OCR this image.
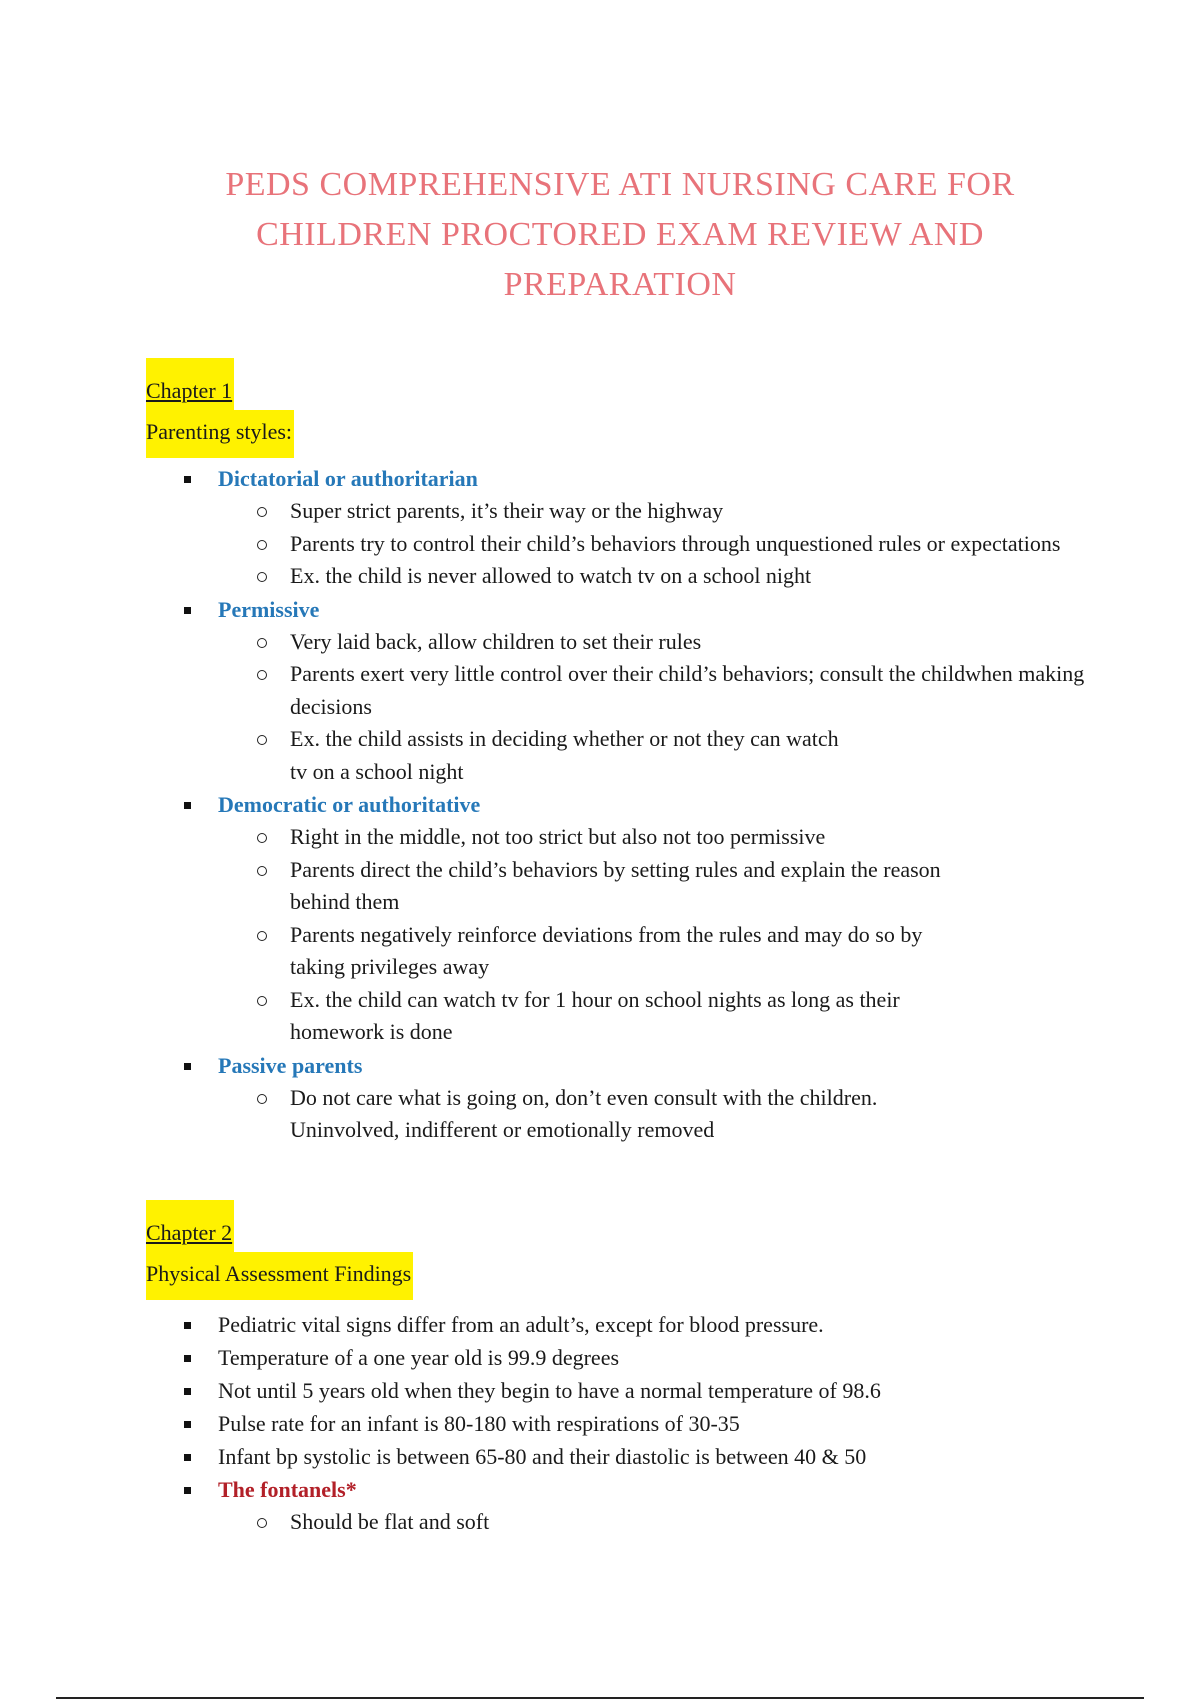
PEDS COMPREHENSIVE ATI NURSING CARE FOR
CHILDREN PROCTORED EXAM REVIEW AND
PREPARATION
Chapter 1
Parenting styles:
Dictatorial or authoritarian
Super strict parents, it’s their way or the highway
Parents try to control their child’s behaviors through unquestioned rules or expectations
Ex. the child is never allowed to watch tv on a school night
Permissive
Very laid back, allow children to set their rules
Parents exert very little control over their child’s behaviors; consult the childwhen making decisions
Ex. the child assists in deciding whether or not they can watch tv on a school night
Democratic or authoritative
Right in the middle, not too strict but also not too permissive
Parents direct the child’s behaviors by setting rules and explain the reason behind them
Parents negatively reinforce deviations from the rules and may do so by taking privileges away
Ex. the child can watch tv for 1 hour on school nights as long as their homework is done
Passive parents
Do not care what is going on, don’t even consult with the children. Uninvolved, indifferent or emotionally removed
Chapter 2
Physical Assessment Findings
Pediatric vital signs differ from an adult’s, except for blood pressure.
Temperature of a one year old is 99.9 degrees
Not until 5 years old when they begin to have a normal temperature of 98.6
Pulse rate for an infant is 80-180 with respirations of 30-35
Infant bp systolic is between 65-80 and their diastolic is between 40 & 50
The fontanels*
Should be flat and soft
